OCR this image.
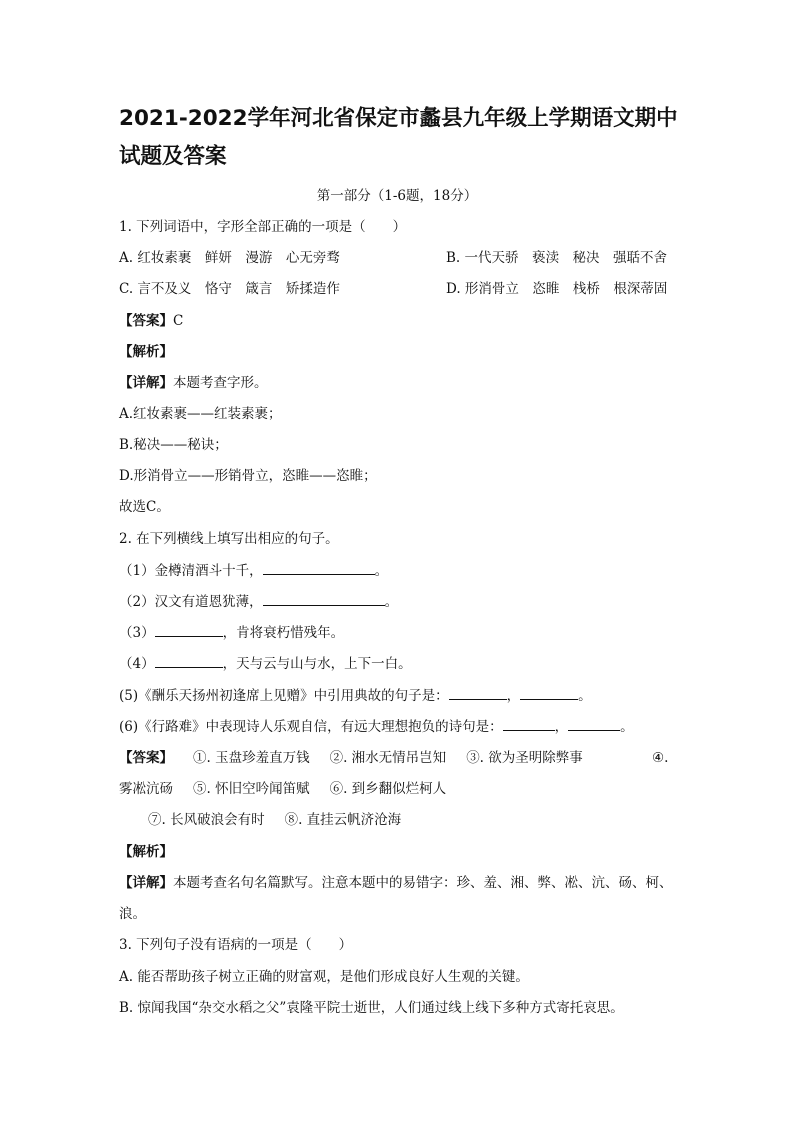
2021-2022学年河北省保定市蠡县九年级上学期语文期中试题及答案
第一部分（1-6题，18分）
1. 下列词语中，字形全部正确的一项是（　　）
A. 红妆素裹　鲜妍　漫游　心无旁骛	B. 一代天骄　亵渎　秘决　强聒不舍
C. 言不及义　恪守　箴言　矫揉造作	D. 形消骨立　恣睢　栈桥　根深蒂固
【答案】C
【解析】
【详解】本题考查字形。
A.红妆素裹——红装素裹；
B.秘决——秘诀；
D.形消骨立——形销骨立，恣睢——恣睢；
故选C。
2. 在下列横线上填写出相应的句子。
（1）金樽清酒斗十千，	。
（2）汉文有道恩犹薄，	。
（3）	，肯将衰朽惜残年。
（4）	，天与云与山与水，上下一白。
(5)《酬乐天扬州初逢席上见赠》中引用典故的句子是：	，	。
(6)《行路难》中表现诗人乐观自信，有远大理想抱负的诗句是：	，	。
【答案】 ①. 玉盘珍羞直万钱 ②. 湘水无情吊岂知 ③. 欲为圣明除弊事	④.
雾凇沆砀 ⑤. 怀旧空吟闻笛赋 ⑥. 到乡翻似烂柯人
⑦. 长风破浪会有时 ⑧. 直挂云帆济沧海
【解析】
【详解】本题考查名句名篇默写。注意本题中的易错字：珍、羞、湘、弊、凇、沆、砀、柯、
浪。
3. 下列句子没有语病的一项是（　　）
A. 能否帮助孩子树立正确的财富观，是他们形成良好人生观的关键。
B. 惊闻我国“杂交水稻之父”袁隆平院士逝世，人们通过线上线下多种方式寄托哀思。
